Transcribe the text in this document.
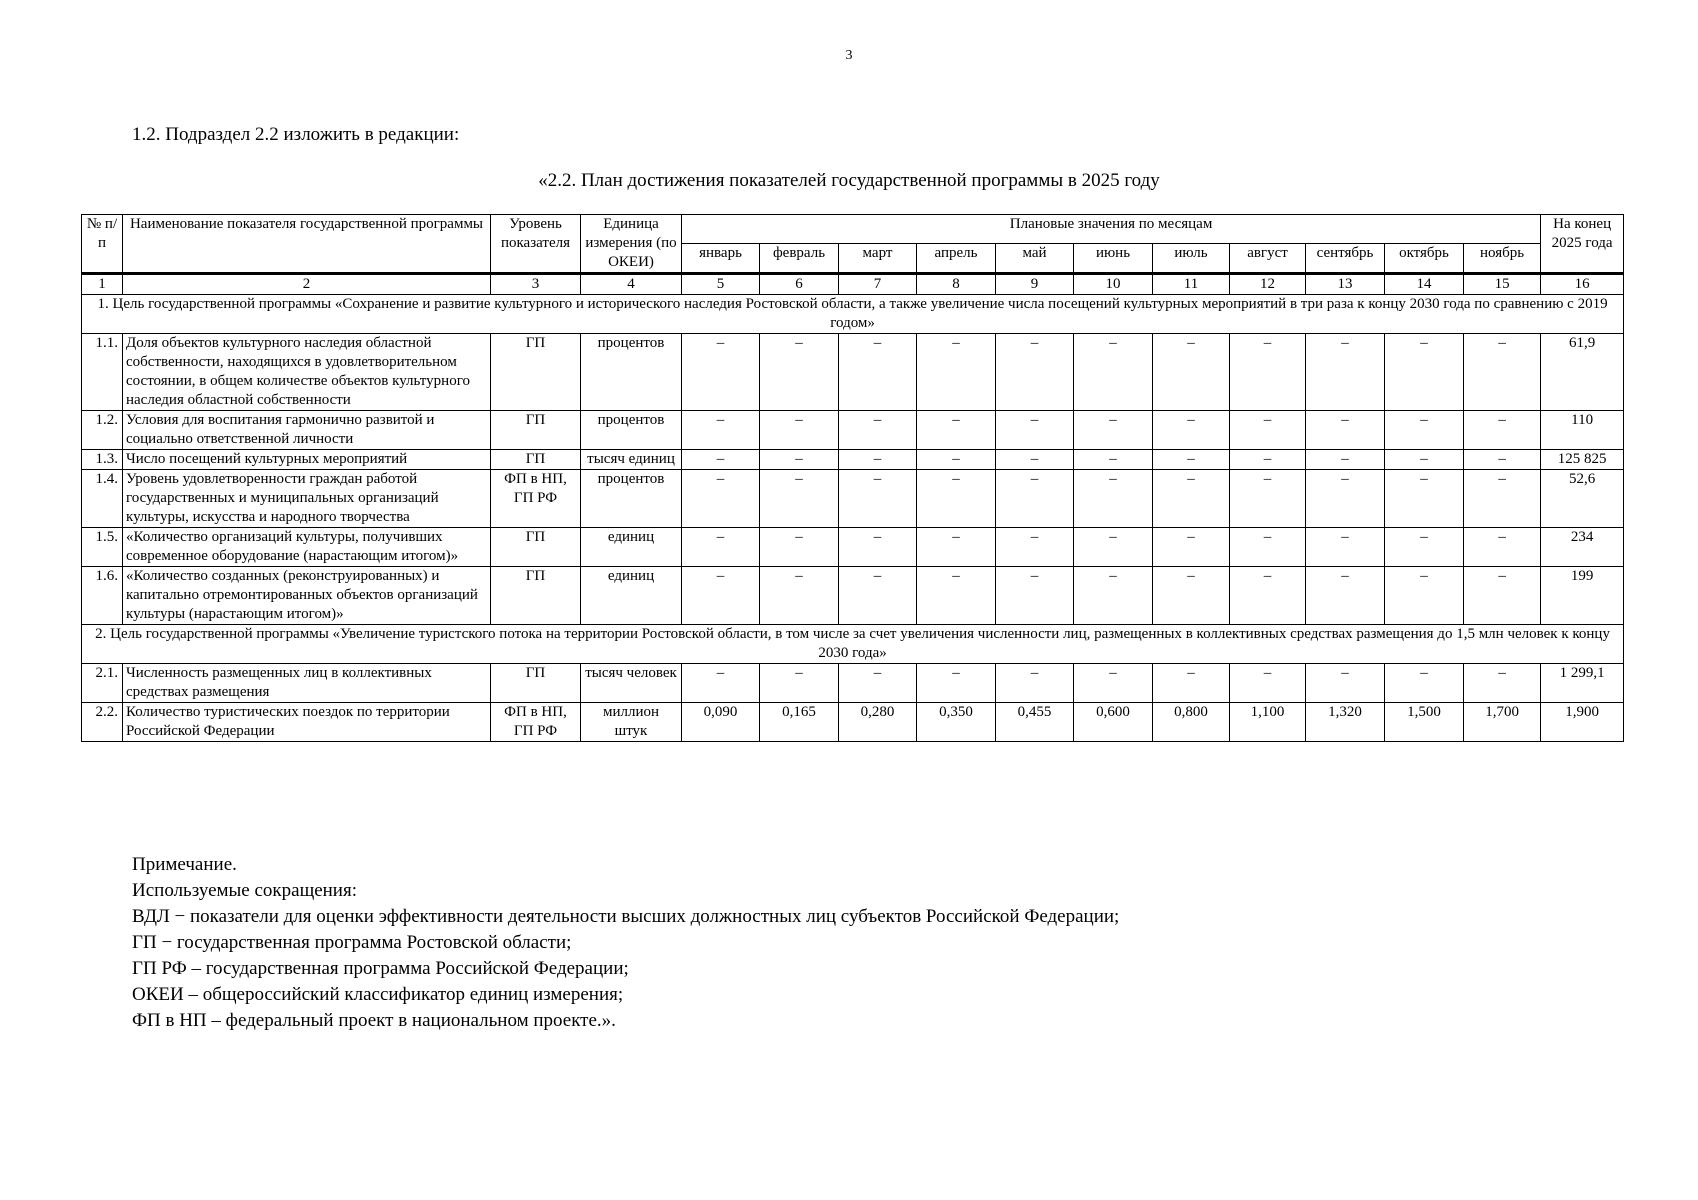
3
1.2. Подраздел 2.2 изложить в редакции:
«2.2. План достижения показателей государственной программы в 2025 году
№ п/п	Наименование показателя государственной программы	Уровень показателя	Единица измерения (по ОКЕИ)	Плановые значения по месяцам											На конец 2025 года
				январь	февраль	март	апрель	май	июнь	июль	август	сентябрь	октябрь	ноябрь	
1	2	3	4	5	6	7	8	9	10	11	12	13	14	15	16
1. Цель государственной программы «Сохранение и развитие культурного и исторического наследия Ростовской области, а также увеличение числа посещений культурных мероприятий в три раза к концу 2030 года по сравнению с 2019 годом»															
1.1.	Доля объектов культурного наследия областной собственности, находящихся в удовлетворительном состоянии, в общем количестве объектов культурного наследия областной собственности	ГП	процентов	–	–	–	–	–	–	–	–	–	–	–	61,9
1.2.	Условия для воспитания гармонично развитой и социально ответственной личности	ГП	процентов	–	–	–	–	–	–	–	–	–	–	–	110
1.3.	Число посещений культурных мероприятий	ГП	тысяч единиц	–	–	–	–	–	–	–	–	–	–	–	125 825
1.4.	Уровень удовлетворенности граждан работой государственных и муниципальных организаций культуры, искусства и народного творчества	ФП в НП, ГП РФ	процентов	–	–	–	–	–	–	–	–	–	–	–	52,6
1.5.	«Количество организаций культуры, получивших современное оборудование (нарастающим итогом)»	ГП	единиц	–	–	–	–	–	–	–	–	–	–	–	234
1.6.	«Количество созданных (реконструированных) и капитально отремонтированных объектов организаций культуры (нарастающим итогом)»	ГП	единиц	–	–	–	–	–	–	–	–	–	–	–	199
2. Цель государственной программы «Увеличение туристского потока на территории Ростовской области, в том числе за счет увеличения численности лиц, размещенных в коллективных средствах размещения до 1,5 млн человек к концу 2030 года»															
2.1.	Численность размещенных лиц в коллективных средствах размещения	ГП	тысяч человек	–	–	–	–	–	–	–	–	–	–	–	1 299,1
2.2.	Количество туристических поездок по территории Российской Федерации	ФП в НП, ГП РФ	миллион штук	0,090	0,165	0,280	0,350	0,455	0,600	0,800	1,100	1,320	1,500	1,700	1,900
Примечание.
Используемые сокращения:
ВДЛ − показатели для оценки эффективности деятельности высших должностных лиц субъектов Российской Федерации;
ГП − государственная программа Ростовской области;
ГП РФ – государственная программа Российской Федерации;
ОКЕИ – общероссийский классификатор единиц измерения;
ФП в НП – федеральный проект в национальном проекте.».
